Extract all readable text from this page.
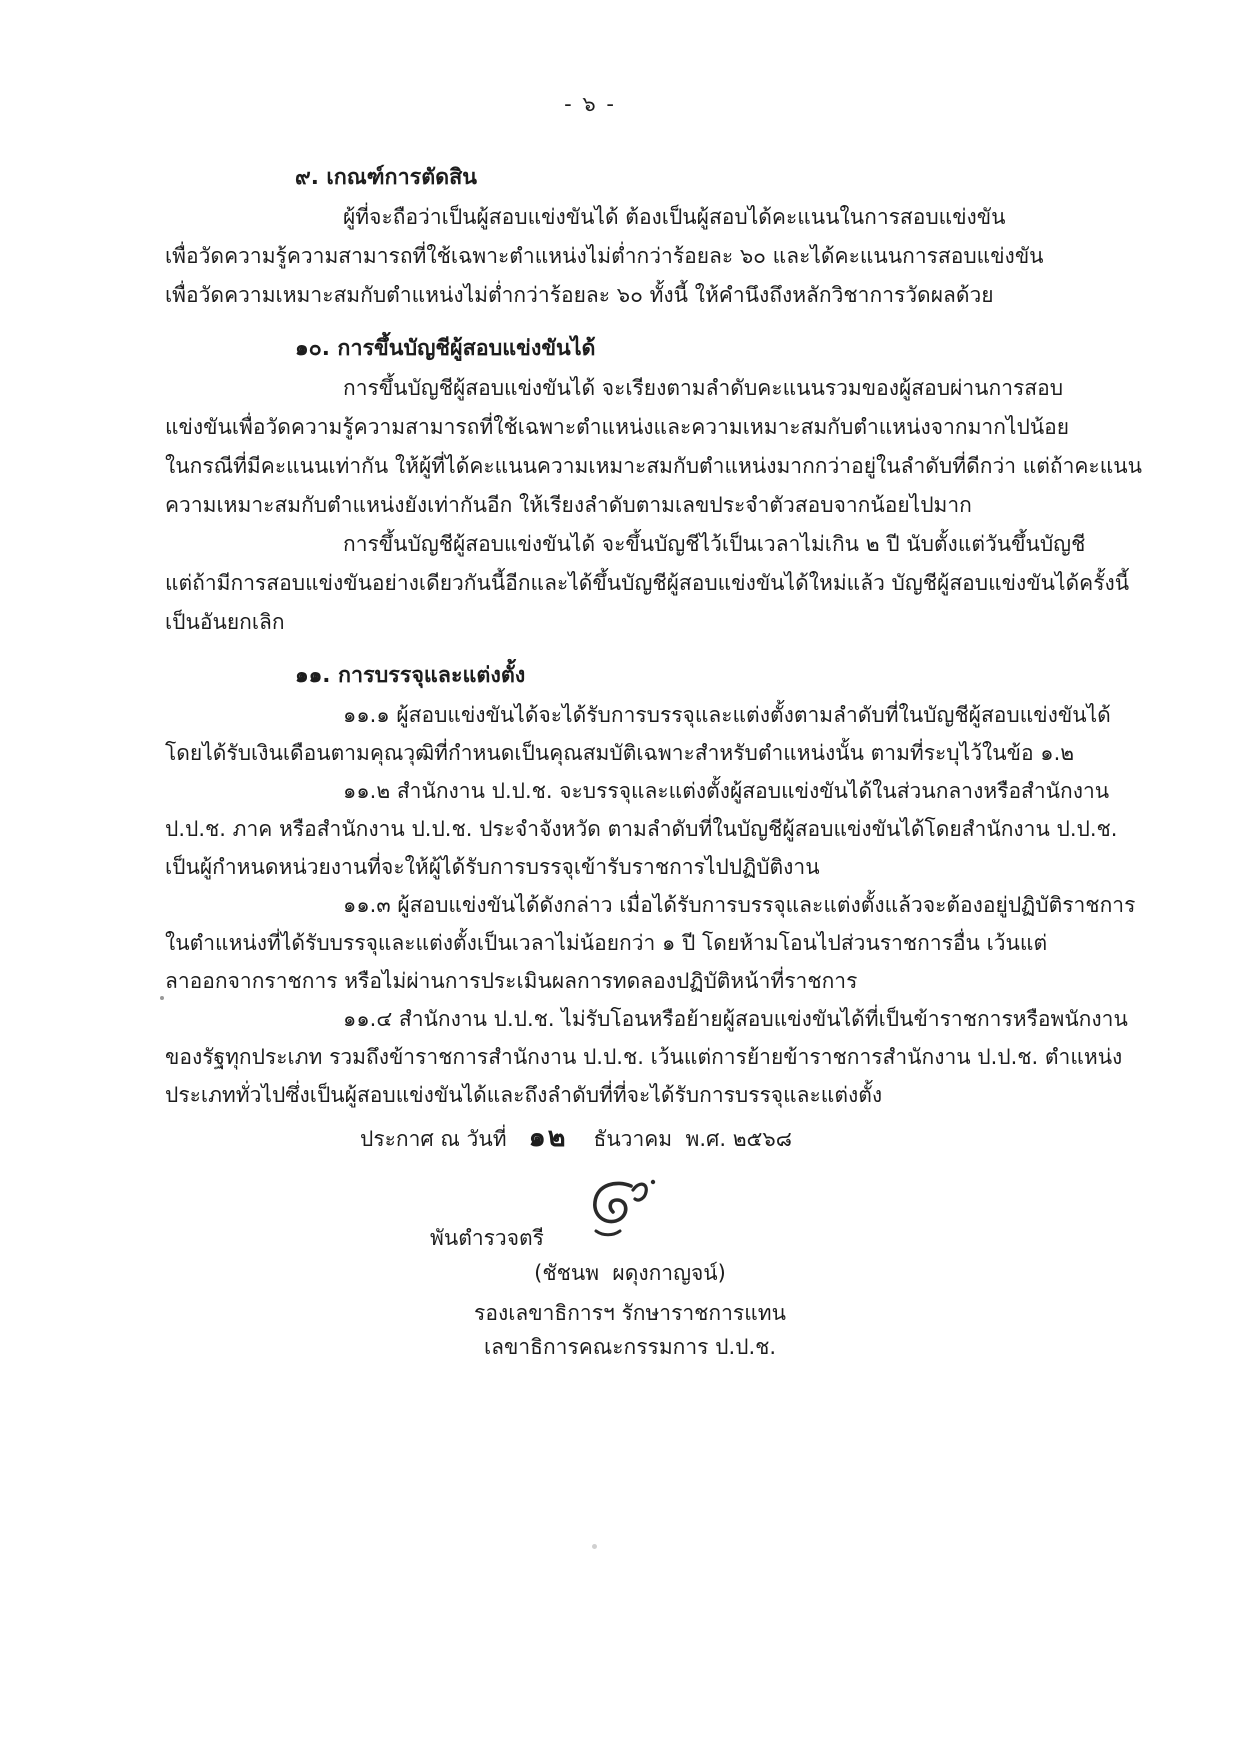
- ๖ -
๙. เกณฑ์การตัดสิน
ผู้ที่จะถือว่าเป็นผู้สอบแข่งขันได้ ต้องเป็นผู้สอบได้คะแนนในการสอบแข่งขัน
เพื่อวัดความรู้ความสามารถที่ใช้เฉพาะตำแหน่งไม่ต่ำกว่าร้อยละ ๖๐ และได้คะแนนการสอบแข่งขัน
เพื่อวัดความเหมาะสมกับตำแหน่งไม่ต่ำกว่าร้อยละ ๖๐ ทั้งนี้ ให้คำนึงถึงหลักวิชาการวัดผลด้วย
๑๐. การขึ้นบัญชีผู้สอบแข่งขันได้
การขึ้นบัญชีผู้สอบแข่งขันได้ จะเรียงตามลำดับคะแนนรวมของผู้สอบผ่านการสอบ
แข่งขันเพื่อวัดความรู้ความสามารถที่ใช้เฉพาะตำแหน่งและความเหมาะสมกับตำแหน่งจากมากไปน้อย
ในกรณีที่มีคะแนนเท่ากัน ให้ผู้ที่ได้คะแนนความเหมาะสมกับตำแหน่งมากกว่าอยู่ในลำดับที่ดีกว่า แต่ถ้าคะแนน
ความเหมาะสมกับตำแหน่งยังเท่ากันอีก ให้เรียงลำดับตามเลขประจำตัวสอบจากน้อยไปมาก
การขึ้นบัญชีผู้สอบแข่งขันได้ จะขึ้นบัญชีไว้เป็นเวลาไม่เกิน ๒ ปี นับตั้งแต่วันขึ้นบัญชี
แต่ถ้ามีการสอบแข่งขันอย่างเดียวกันนี้อีกและได้ขึ้นบัญชีผู้สอบแข่งขันได้ใหม่แล้ว บัญชีผู้สอบแข่งขันได้ครั้งนี้
เป็นอันยกเลิก
๑๑. การบรรจุและแต่งตั้ง
๑๑.๑ ผู้สอบแข่งขันได้จะได้รับการบรรจุและแต่งตั้งตามลำดับที่ในบัญชีผู้สอบแข่งขันได้
โดยได้รับเงินเดือนตามคุณวุฒิที่กำหนดเป็นคุณสมบัติเฉพาะสำหรับตำแหน่งนั้น ตามที่ระบุไว้ในข้อ ๑.๒
๑๑.๒ สำนักงาน ป.ป.ช. จะบรรจุและแต่งตั้งผู้สอบแข่งขันได้ในส่วนกลางหรือสำนักงาน
ป.ป.ช. ภาค หรือสำนักงาน ป.ป.ช. ประจำจังหวัด ตามลำดับที่ในบัญชีผู้สอบแข่งขันได้โดยสำนักงาน ป.ป.ช.
เป็นผู้กำหนดหน่วยงานที่จะให้ผู้ได้รับการบรรจุเข้ารับราชการไปปฏิบัติงาน
๑๑.๓ ผู้สอบแข่งขันได้ดังกล่าว เมื่อได้รับการบรรจุและแต่งตั้งแล้วจะต้องอยู่ปฏิบัติราชการ
ในตำแหน่งที่ได้รับบรรจุและแต่งตั้งเป็นเวลาไม่น้อยกว่า ๑ ปี โดยห้ามโอนไปส่วนราชการอื่น เว้นแต่
ลาออกจากราชการ หรือไม่ผ่านการประเมินผลการทดลองปฏิบัติหน้าที่ราชการ
๑๑.๔ สำนักงาน ป.ป.ช. ไม่รับโอนหรือย้ายผู้สอบแข่งขันได้ที่เป็นข้าราชการหรือพนักงาน
ของรัฐทุกประเภท รวมถึงข้าราชการสำนักงาน ป.ป.ช. เว้นแต่การย้ายข้าราชการสำนักงาน ป.ป.ช. ตำแหน่ง
ประเภททั่วไปซึ่งเป็นผู้สอบแข่งขันได้และถึงลำดับที่ที่จะได้รับการบรรจุและแต่งตั้ง
ประกาศ ณ วันที่ ๑๒ ธันวาคม  พ.ศ. ๒๕๖๘
พันตำรวจตรี
(ชัชนพ  ผดุงกาญจน์)
รองเลขาธิการฯ รักษาราชการแทน
เลขาธิการคณะกรรมการ ป.ป.ช.
